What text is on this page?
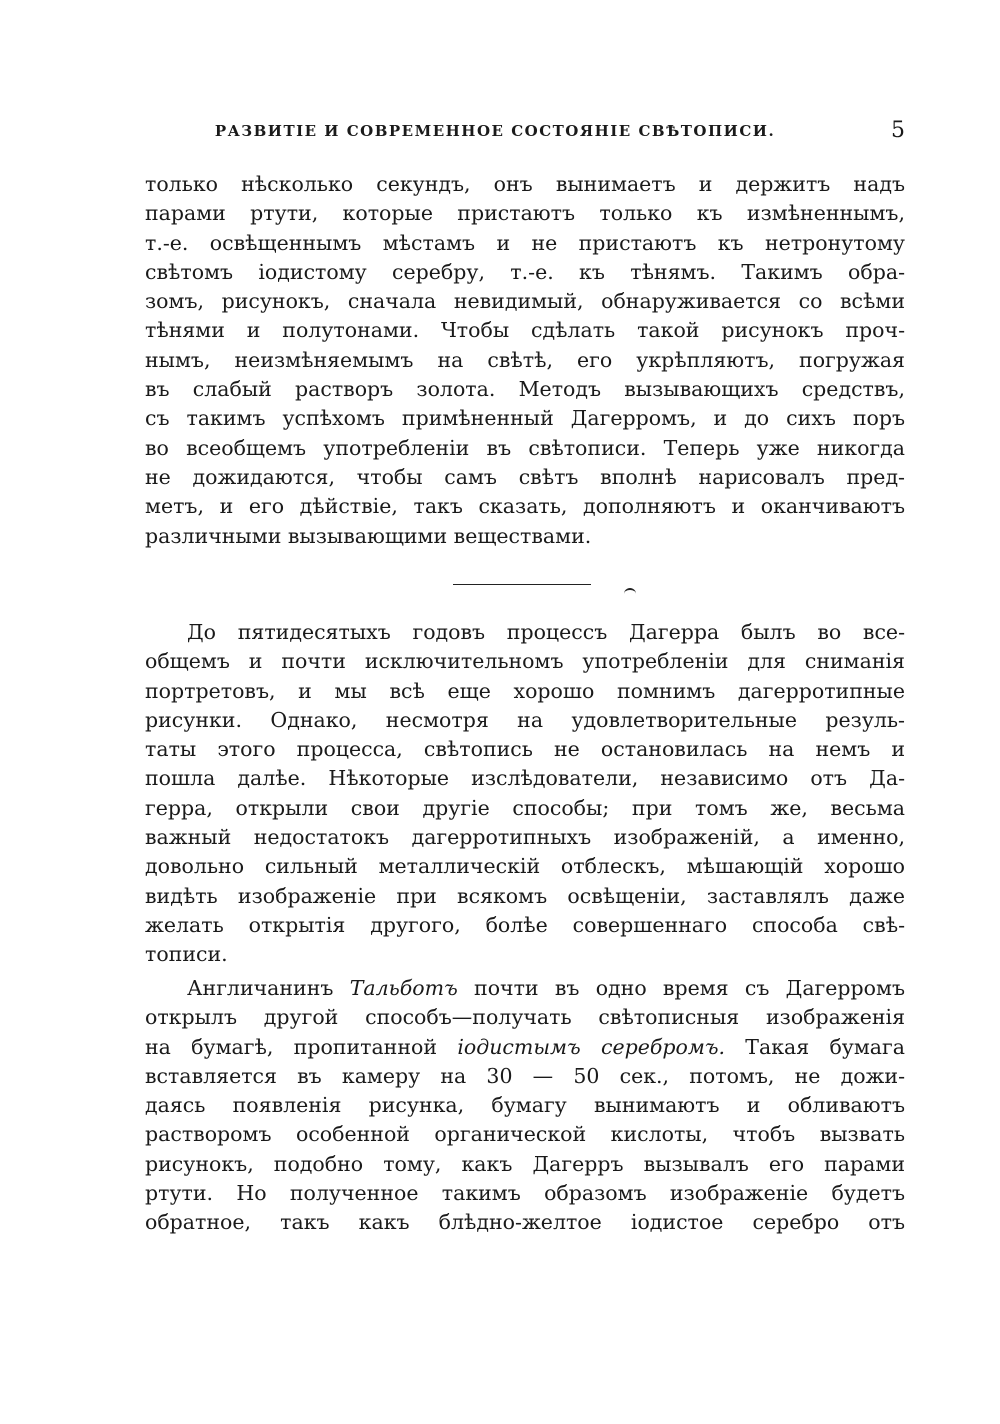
РАЗВИТІЕ И СОВРЕМЕННОЕ СОСТОЯНІЕ СВѢТОПИСИ.	5
только нѣсколько секундъ, онъ вынимаетъ и держитъ надъ
парами ртути, которые пристаютъ только къ измѣненнымъ,
т.-е. освѣщеннымъ мѣстамъ и не пристаютъ къ нетронутому
свѣтомъ іодистому серебру, т.-е. къ тѣнямъ. Такимъ обра-
зомъ, рисунокъ, сначала невидимый, обнаруживается со всѣми
тѣнями и полутонами. Чтобы сдѣлать такой рисунокъ проч-
нымъ, неизмѣняемымъ на свѣтѣ, его укрѣпляютъ, погружая
въ слабый растворъ золота. Методъ вызывающихъ средствъ,
съ такимъ успѣхомъ примѣненный Дагерромъ, и до сихъ поръ
во всеобщемъ употребленіи въ свѣтописи. Теперь уже никогда
не дожидаются, чтобы самъ свѣтъ вполнѣ нарисовалъ пред-
метъ, и его дѣйствіе, такъ сказать, дополняютъ и оканчиваютъ
различными вызывающими веществами.
До пятидесятыхъ годовъ процессъ Дагерра былъ во все-
общемъ и почти исключительномъ употребленіи для сниманія
портретовъ, и мы всѣ еще хорошо помнимъ дагерротипные
рисунки. Однако, несмотря на удовлетворительные резуль-
таты этого процесса, свѣтопись не остановилась на немъ и
пошла далѣе. Нѣкоторые изслѣдователи, независимо отъ Да-
герра, открыли свои другіе способы; при томъ же, весьма
важный недостатокъ дагерротипныхъ изображеній, а именно,
довольно сильный металлическій отблескъ, мѣшающій хорошо
видѣть изображеніе при всякомъ освѣщеніи, заставлялъ даже
желать открытія другого, болѣе совершеннаго способа свѣ-
тописи.
Англичанинъ Тальботъ почти въ одно время съ Дагерромъ
открылъ другой способъ—получать свѣтописныя изображенія
на бумагѣ, пропитанной іодистымъ серебромъ. Такая бумага
вставляется въ камеру на 30 — 50 сек., потомъ, не дожи-
даясь появленія рисунка, бумагу вынимаютъ и обливаютъ
растворомъ особенной органической кислоты, чтобъ вызвать
рисунокъ, подобно тому, какъ Дагерръ вызывалъ его парами
ртути. Но полученное такимъ образомъ изображеніе будетъ
обратное, такъ какъ блѣдно-желтое іодистое серебро отъ
